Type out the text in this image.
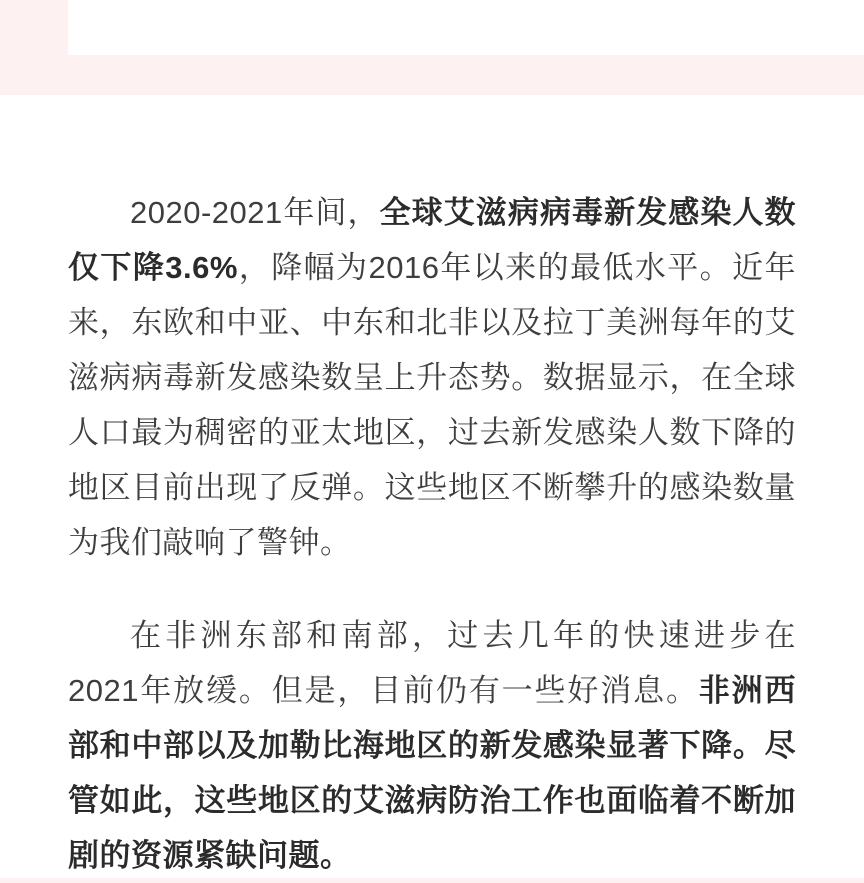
2020-2021年间，全球艾滋病病毒新发感染人数仅下降3.6%，降幅为2016年以来的最低水平。近年来，东欧和中亚、中东和北非以及拉丁美洲每年的艾滋病病毒新发感染数呈上升态势。数据显示，在全球人口最为稠密的亚太地区，过去新发感染人数下降的地区目前出现了反弹。这些地区不断攀升的感染数量为我们敲响了警钟。

在非洲东部和南部，过去几年的快速进步在2021年放缓。但是，目前仍有一些好消息。非洲西部和中部以及加勒比海地区的新发感染显著下降。尽管如此，这些地区的艾滋病防治工作也面临着不断加剧的资源紧缺问题。
